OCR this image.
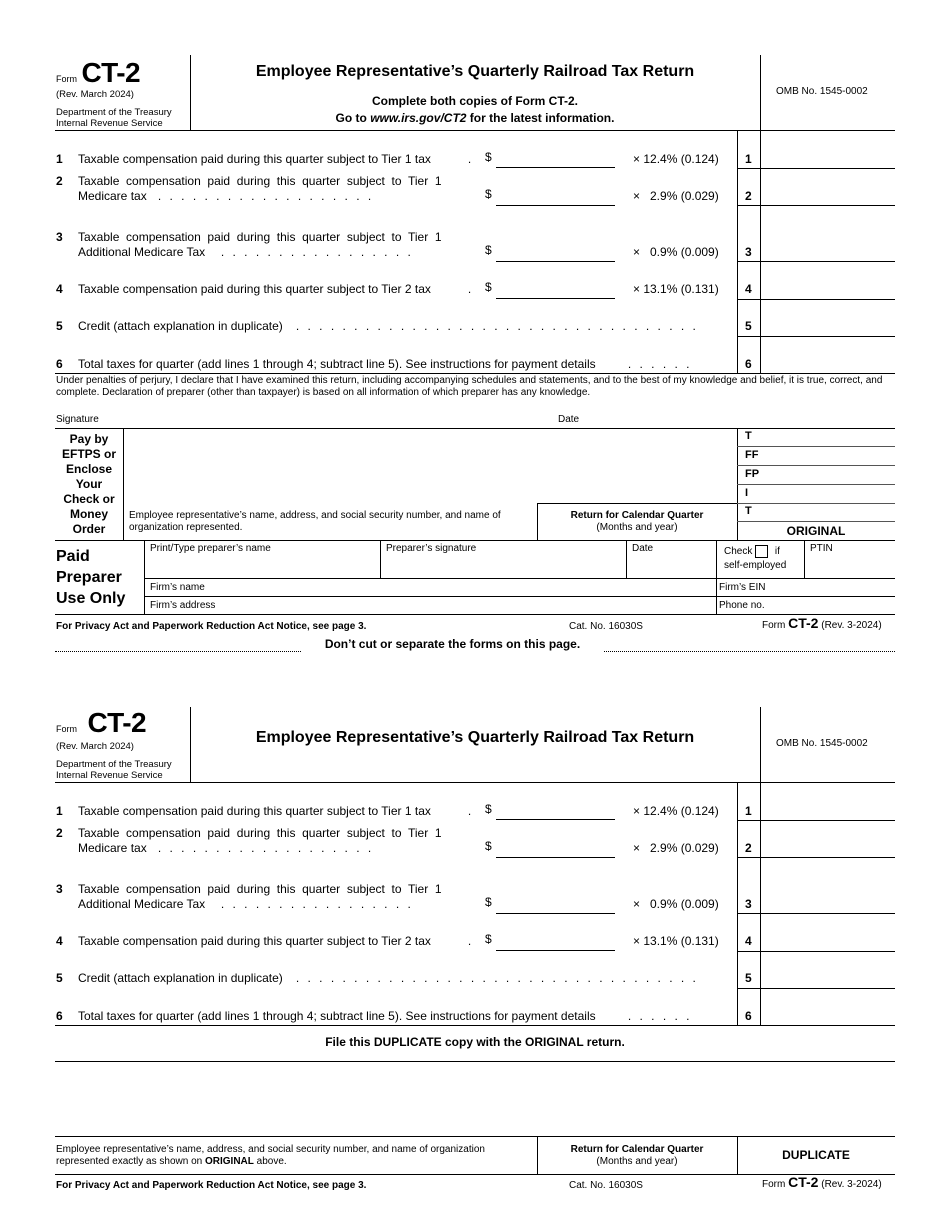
Form CT-2
(Rev. March 2024)
Department of the Treasury
Internal Revenue Service
Employee Representative’s Quarterly Railroad Tax Return
Complete both copies of Form CT-2.
Go to www.irs.gov/CT2 for the latest information.
OMB No. 1545-0002
1 Taxable compensation paid during this quarter subject to Tier 1 tax	. $	× 12.4% (0.124) 1
2 Taxable  compensation  paid  during  this  quarter  subject  to  Tier  1
Medicare tax . . . . . . . . . . . . . . . . . . .	$	×   2.9% (0.029) 2
3 Taxable  compensation  paid  during  this  quarter  subject  to  Tier  1
Additional Medicare Tax . . . . . . . . . . . . . . . . .	$	×   0.9% (0.009) 3
4 Taxable compensation paid during this quarter subject to Tier 2 tax	. $	× 13.1% (0.131) 4
5 Credit (attach explanation in duplicate) . . . . . . . . . . . . . . . . . . . . . . . . . . . . . . . . . . .	5
6 Total taxes for quarter (add lines 1 through 4; subtract line 5). See instructions for payment details . . . . . .	6
Under penalties of perjury, I declare that I have examined this return, including accompanying schedules and statements, and to the best of my knowledge and belief, it is true, correct, and complete. Declaration of preparer (other than taxpayer) is based on all information of which preparer has any knowledge.
Signature	Date
Pay by
EFTPS or
Enclose
Your
Check or
Money
Order
Employee representative’s name, address, and social security number, and name of organization represented.
Return for Calendar Quarter
(Months and year)
T
FF
FP
I
T
ORIGINAL
Paid
Preparer
Use Only
Print/Type preparer’s name	Preparer’s signature	Date	Check if
self-employed
PTIN
Firm’s name	Firm’s EIN
Firm’s address	Phone no.
For Privacy Act and Paperwork Reduction Act Notice, see page 3.	Cat. No. 16030S	Form CT-2 (Rev. 3-2024)
Don’t cut or separate the forms on this page.
Form CT-2
(Rev. March 2024)
Department of the Treasury
Internal Revenue Service
Employee Representative’s Quarterly Railroad Tax Return	OMB No. 1545-0002
1 Taxable compensation paid during this quarter subject to Tier 1 tax	. $	× 12.4% (0.124) 1
2 Taxable  compensation  paid  during  this  quarter  subject  to  Tier  1
Medicare tax . . . . . . . . . . . . . . . . . . .	$	×   2.9% (0.029) 2
3 Taxable  compensation  paid  during  this  quarter  subject  to  Tier  1
Additional Medicare Tax . . . . . . . . . . . . . . . . .	$	×   0.9% (0.009) 3
4 Taxable compensation paid during this quarter subject to Tier 2 tax	. $	× 13.1% (0.131) 4
5 Credit (attach explanation in duplicate) . . . . . . . . . . . . . . . . . . . . . . . . . . . . . . . . . . .	5
6 Total taxes for quarter (add lines 1 through 4; subtract line 5). See instructions for payment details . . . . . .	6
File this DUPLICATE copy with the ORIGINAL return.
Employee representative’s name, address, and social security number, and name of organization
represented exactly as shown on ORIGINAL above.
Return for Calendar Quarter
(Months and year)	DUPLICATE
For Privacy Act and Paperwork Reduction Act Notice, see page 3.	Cat. No. 16030S	Form CT-2 (Rev. 3-2024)
